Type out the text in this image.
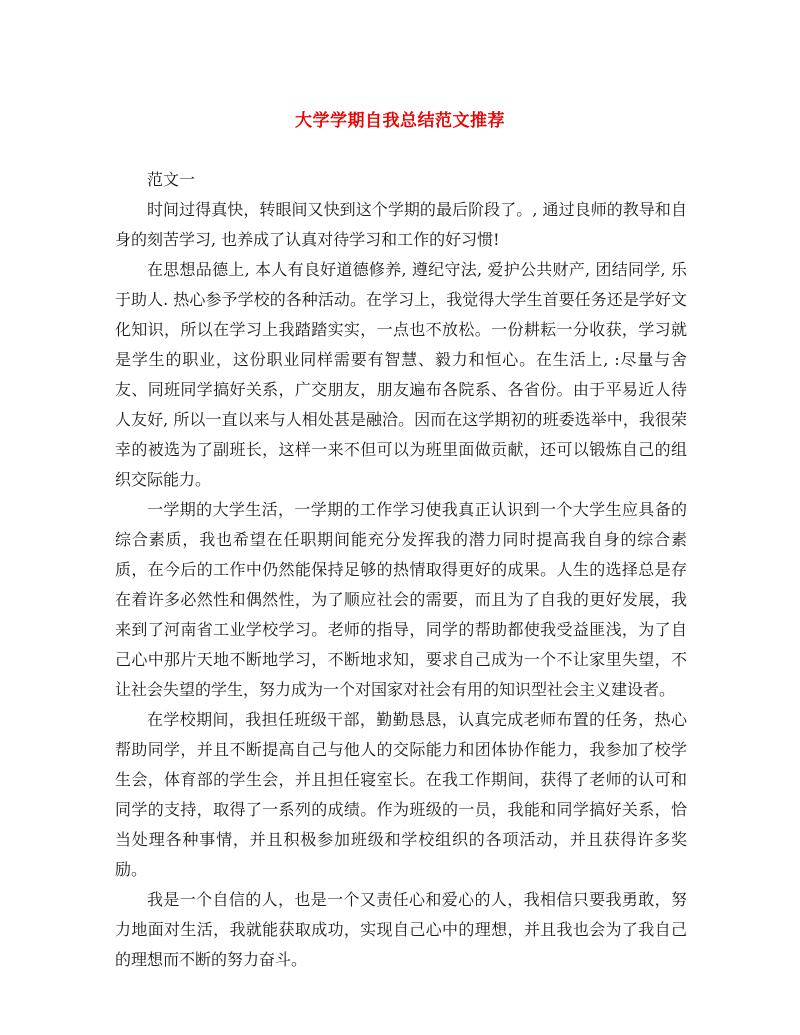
大学学期自我总结范文推荐

范文一

时间过得真快，转眼间又快到这个学期的最后阶段了。, 通过良师的教导和自身的刻苦学习, 也养成了认真对待学习和工作的好习惯!

在思想品德上, 本人有良好道德修养, 遵纪守法, 爱护公共财产, 团结同学, 乐于助人. 热心参予学校的各种活动。在学习上，我觉得大学生首要任务还是学好文化知识，所以在学习上我踏踏实实，一点也不放松。一份耕耘一分收获，学习就是学生的职业，这份职业同样需要有智慧、毅力和恒心。在生活上, :尽量与舍友、同班同学搞好关系，广交朋友，朋友遍布各院系、各省份。由于平易近人待人友好, 所以一直以来与人相处甚是融洽。因而在这学期初的班委选举中，我很荣幸的被选为了副班长，这样一来不但可以为班里面做贡献，还可以锻炼自己的组织交际能力。

一学期的大学生活，一学期的工作学习使我真正认识到一个大学生应具备的综合素质，我也希望在任职期间能充分发挥我的潜力同时提高我自身的综合素质，在今后的工作中仍然能保持足够的热情取得更好的成果。人生的选择总是存在着许多必然性和偶然性，为了顺应社会的需要，而且为了自我的更好发展，我来到了河南省工业学校学习。老师的指导，同学的帮助都使我受益匪浅，为了自己心中那片天地不断地学习，不断地求知，要求自己成为一个不让家里失望，不让社会失望的学生，努力成为一个对国家对社会有用的知识型社会主义建设者。

在学校期间，我担任班级干部，勤勤恳恳，认真完成老师布置的任务，热心帮助同学，并且不断提高自己与他人的交际能力和团体协作能力，我参加了校学生会，体育部的学生会，并且担任寝室长。在我工作期间，获得了老师的认可和同学的支持，取得了一系列的成绩。作为班级的一员，我能和同学搞好关系，恰当处理各种事情，并且积极参加班级和学校组织的各项活动，并且获得许多奖励。

我是一个自信的人，也是一个又责任心和爱心的人，我相信只要我勇敢，努力地面对生活，我就能获取成功，实现自己心中的理想，并且我也会为了我自己的理想而不断的努力奋斗。
